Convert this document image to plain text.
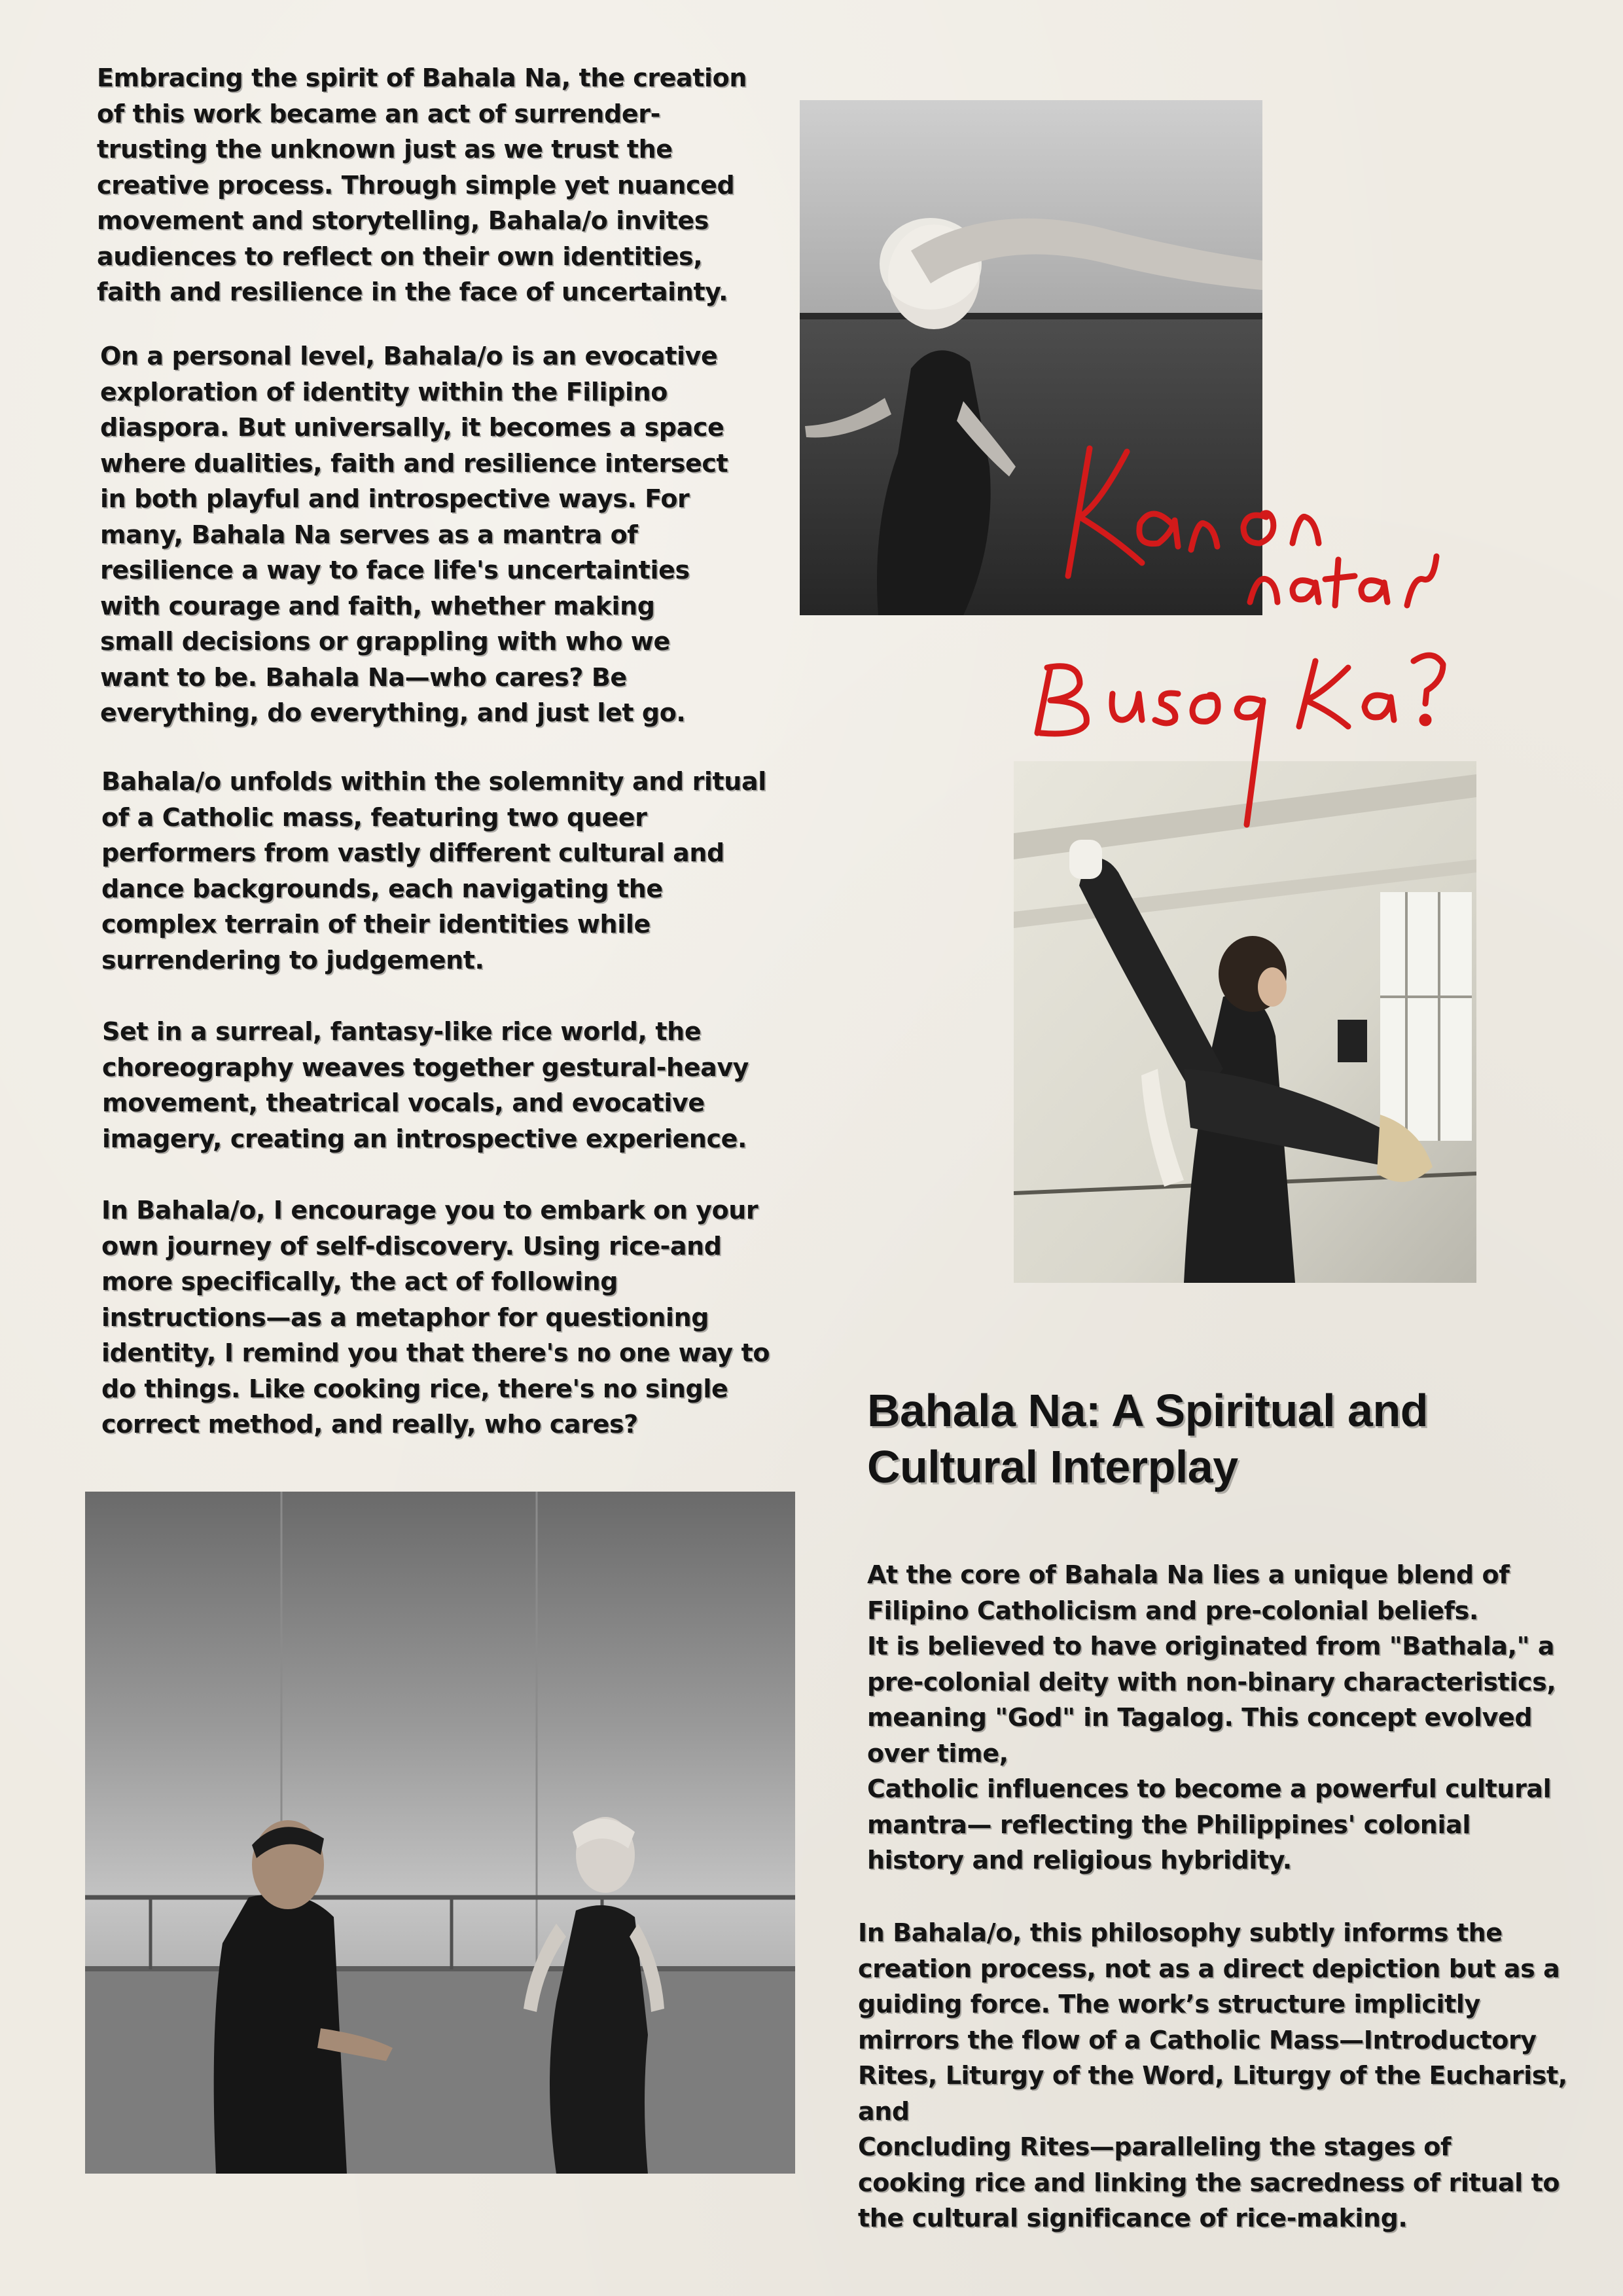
Embracing the spirit of Bahala Na, the creation
of this work became an act of surrender-
trusting the unknown just as we trust the
creative process. Through simple yet nuanced
movement and storytelling, Bahala/o invites
audiences to reflect on their own identities,
faith and resilience in the face of uncertainty.

On a personal level, Bahala/o is an evocative
exploration of identity within the Filipino
diaspora. But universally, it becomes a space
where dualities, faith and resilience intersect
in both playful and introspective ways. For
many, Bahala Na serves as a mantra of
resilience a way to face life's uncertainties
with courage and faith, whether making
small decisions or grappling with who we
want to be. Bahala Na—who cares? Be
everything, do everything, and just let go.

Bahala/o unfolds within the solemnity and ritual
of a Catholic mass, featuring two queer
performers from vastly different cultural and
dance backgrounds, each navigating the
complex terrain of their identities while
surrendering to judgement.

Set in a surreal, fantasy-like rice world, the
choreography weaves together gestural-heavy
movement, theatrical vocals, and evocative
imagery, creating an introspective experience.

In Bahala/o, I encourage you to embark on your
own journey of self-discovery. Using rice-and
more specifically, the act of following
instructions—as a metaphor for questioning
identity, I remind you that there's no one way to
do things. Like cooking rice, there's no single
correct method, and really, who cares?	Bahala Na: A Spiritual and Cultural Interplay

At the core of Bahala Na lies a unique blend of
Filipino Catholicism and pre-colonial beliefs.
It is believed to have originated from "Bathala," a
pre-colonial deity with non-binary characteristics,
meaning "God" in Tagalog. This concept evolved
over time,
Catholic influences to become a powerful cultural
mantra— reflecting the Philippines' colonial
history and religious hybridity.

In Bahala/o, this philosophy subtly informs the
creation process, not as a direct depiction but as a
guiding force. The work’s structure implicitly
mirrors the flow of a Catholic Mass—Introductory
Rites, Liturgy of the Word, Liturgy of the Eucharist,
and
Concluding Rites—paralleling the stages of
cooking rice and linking the sacredness of ritual to
the cultural significance of rice-making.
